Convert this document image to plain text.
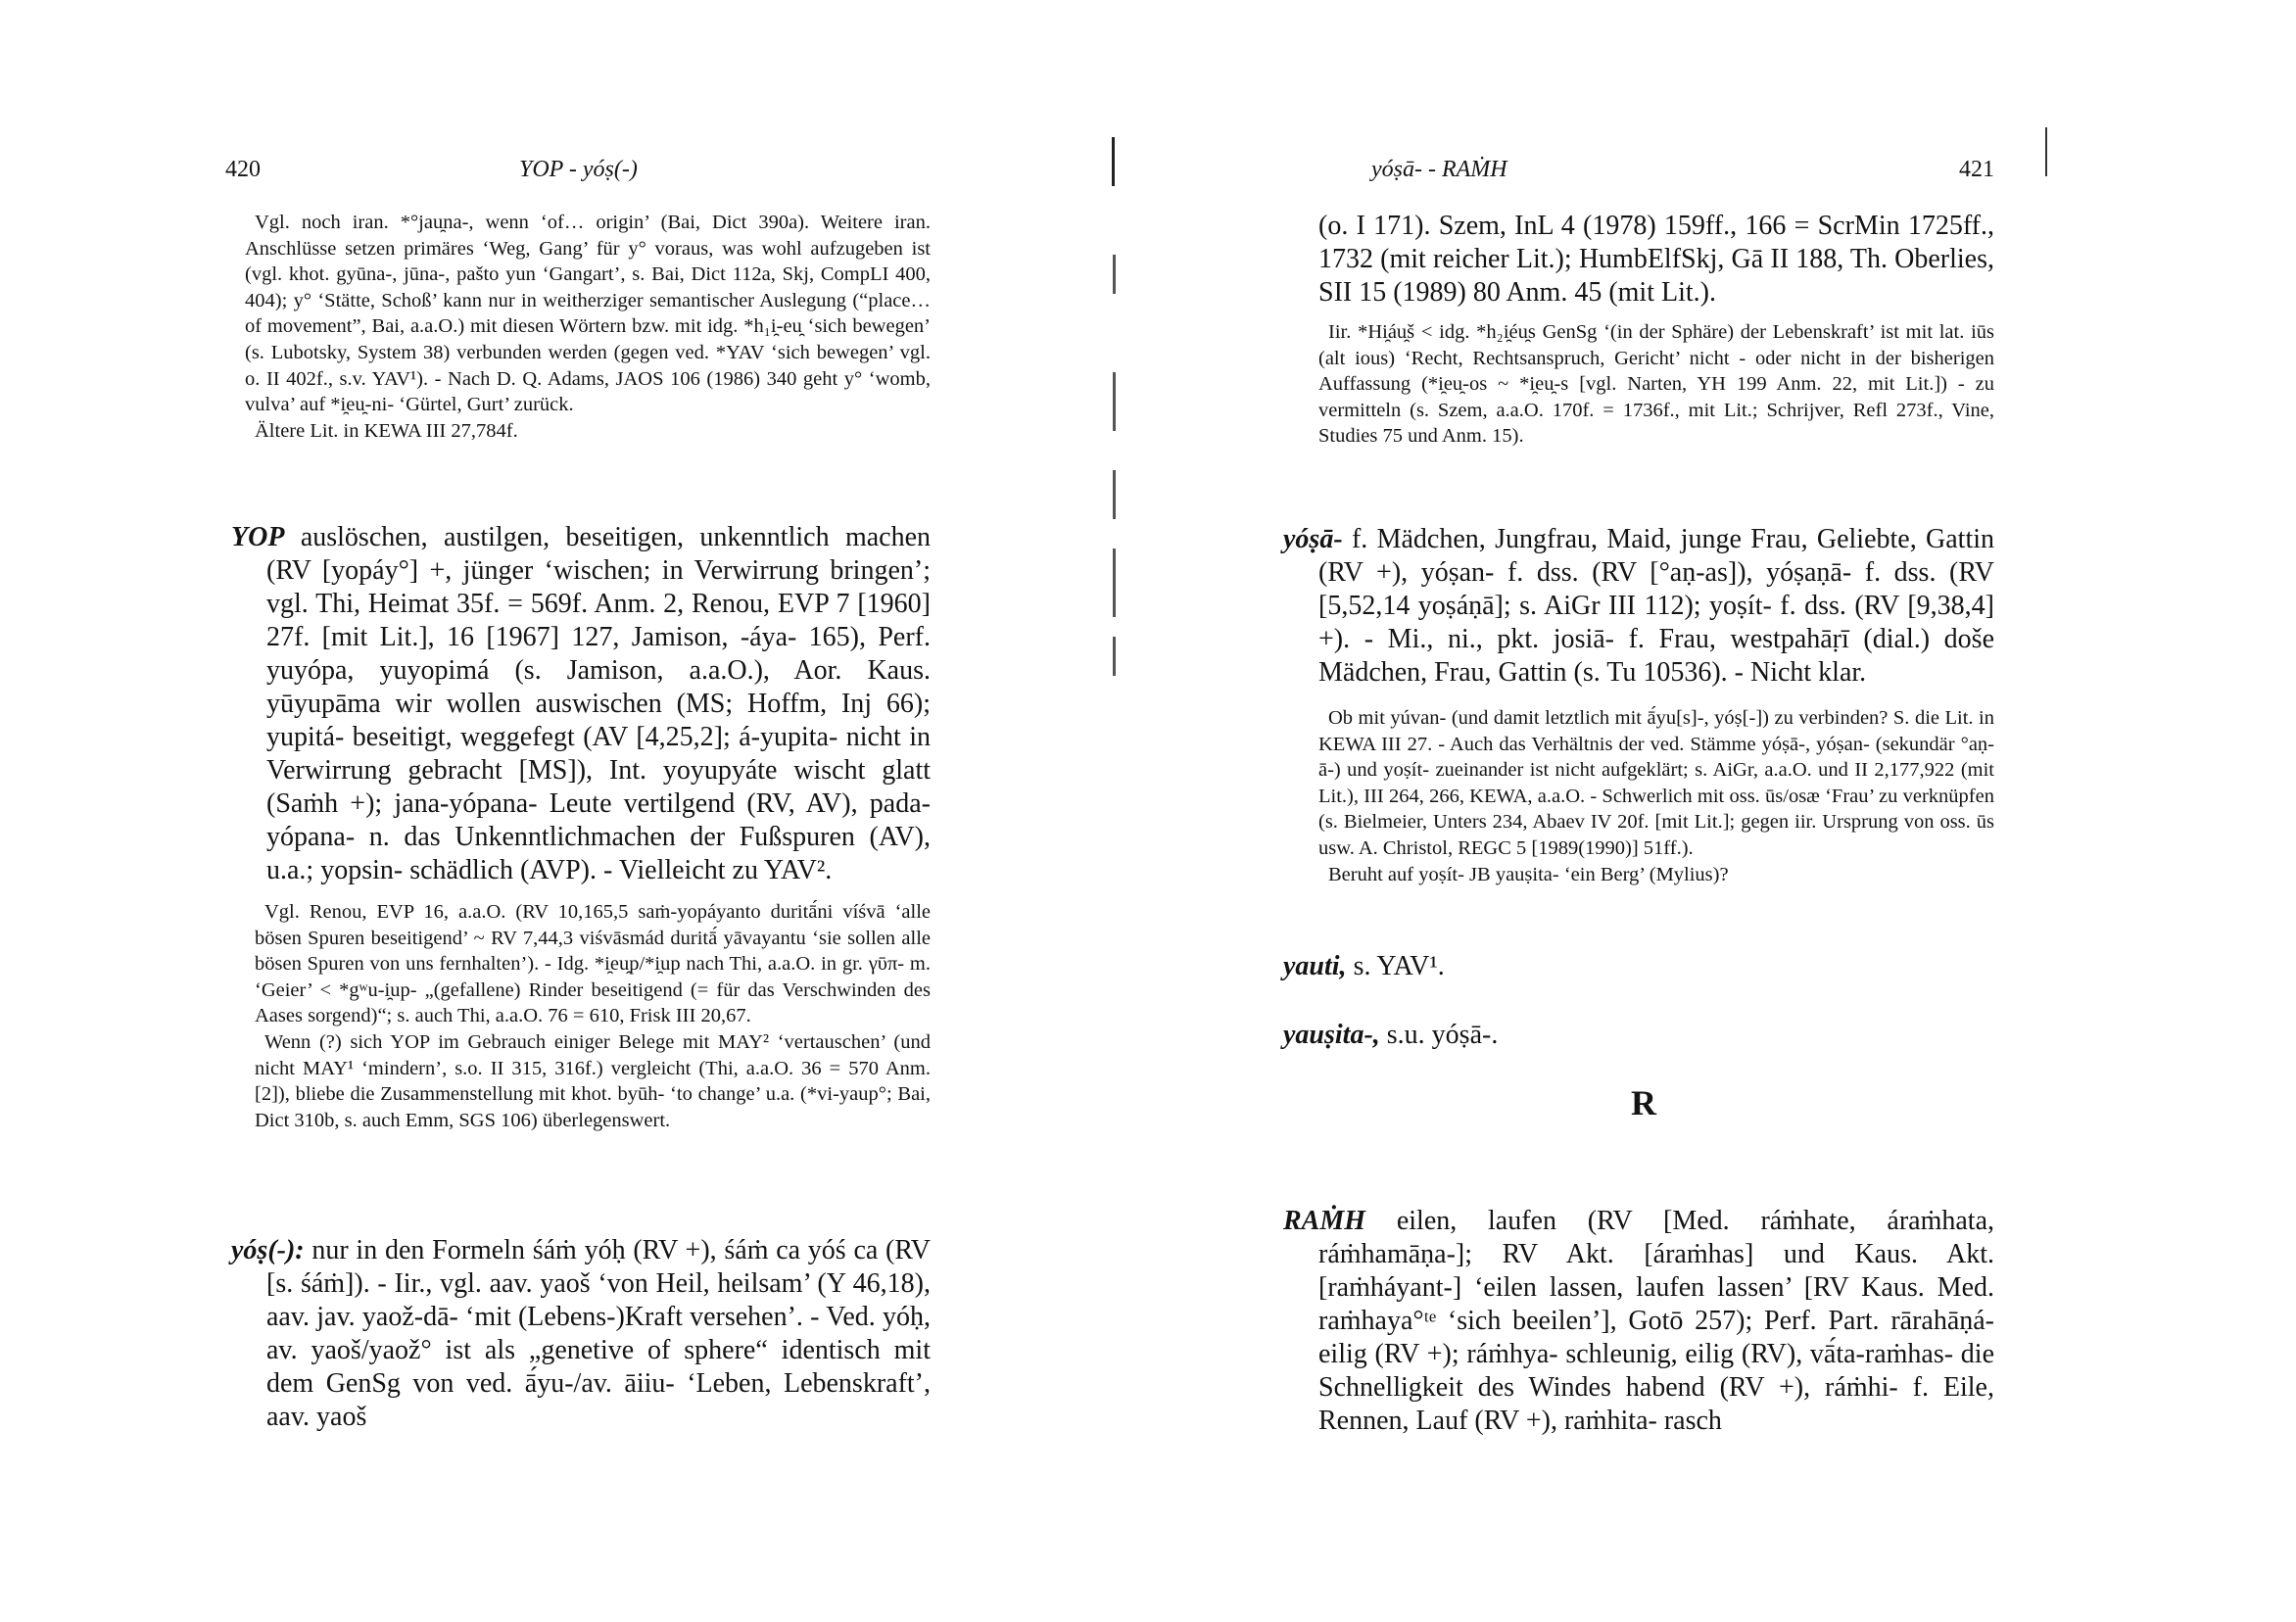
420	YOP - yóṣ(-)

Vgl. noch iran. *°jau̯na-, wenn ‘of… origin’ (Bai, Dict 390a). Weitere iran. Anschlüsse setzen primäres ‘Weg, Gang’ für y° voraus, was wohl aufzugeben ist (vgl. khot. gyūna-, jūna-, pašto yun ‘Gangart’, s. Bai, Dict 112a, Skj, CompLI 400, 404); y° ‘Stätte, Schoß’ kann nur in weitherziger semantischer Auslegung (“place… of movement”, Bai, a.a.O.) mit diesen Wörtern bzw. mit idg. *h₁i̯-eu̯ ‘sich bewegen’ (s. Lubotsky, System 38) verbunden werden (gegen ved. *YAV ‘sich bewegen’ vgl. o. II 402f., s.v. YAV¹). - Nach D. Q. Adams, JAOS 106 (1986) 340 geht y° ‘womb, vulva’ auf *i̯eu̯-ni- ‘Gürtel, Gurt’ zurück.

Ältere Lit. in KEWA III 27,784f.

YOP auslöschen, austilgen, beseitigen, unkenntlich machen (RV [yopáy°] +, jünger ‘wischen; in Verwirrung bringen’; vgl. Thi, Heimat 35f. = 569f. Anm. 2, Renou, EVP 7 [1960] 27f. [mit Lit.], 16 [1967] 127, Jamison, -áya- 165), Perf. yuyópa, yuyopimá (s. Jamison, a.a.O.), Aor. Kaus. yūyupāma wir wollen auswischen (MS; Hoffm, Inj 66); yupitá- beseitigt, weggefegt (AV [4,25,2]; á-yupita- nicht in Verwirrung gebracht [MS]), Int. yoyupyáte wischt glatt (Saṁh +); jana-yópana- Leute vertilgend (RV, AV), pada-yópana- n. das Unkenntlichmachen der Fußspuren (AV), u.a.; yopsin- schädlich (AVP). - Vielleicht zu YAV².

Vgl. Renou, EVP 16, a.a.O. (RV 10,165,5 saṁ-yopáyanto duritā́ni víśvā ‘alle bösen Spuren beseitigend’ ~ RV 7,44,3 viśvāsmád duritā́ yāvayantu ‘sie sollen alle bösen Spuren von uns fernhalten’). - Idg. *i̯eu̯p/*i̯up nach Thi, a.a.O. in gr. γῡπ- m. ‘Geier’ < *gʷu-i̯up- „(gefallene) Rinder beseitigend (= für das Verschwinden des Aases sorgend)“; s. auch Thi, a.a.O. 76 = 610, Frisk III 20,67.

Wenn (?) sich YOP im Gebrauch einiger Belege mit MAY² ‘vertauschen’ (und nicht MAY¹ ‘mindern’, s.o. II 315, 316f.) vergleicht (Thi, a.a.O. 36 = 570 Anm. [2]), bliebe die Zusammenstellung mit khot. byūh- ‘to change’ u.a. (*vi-yaup°; Bai, Dict 310b, s. auch Emm, SGS 106) überlegenswert.

yóṣ(-): nur in den Formeln śáṁ yóḥ (RV +), śáṁ ca yóś ca (RV [s. śáṁ]). - Iir., vgl. aav. yaoš ‘von Heil, heilsam’ (Y 46,18), aav. jav. yaož-dā- ‘mit (Lebens-)Kraft versehen’. - Ved. yóḥ, av. yaoš/yaož° ist als „genetive of sphere“ identisch mit dem GenSg von ved. ā́yu-/av. āiiu- ‘Leben, Lebenskraft’, aav. yaoš

yóṣā- - RAṀH	421

(o. I 171). Szem, InL 4 (1978) 159ff., 166 = ScrMin 1725ff., 1732 (mit reicher Lit.); HumbElfSkj, Gā II 188, Th. Oberlies, SII 15 (1989) 80 Anm. 45 (mit Lit.).

Iir. *Hi̯áu̯š < idg. *h₂i̯éu̯s GenSg ‘(in der Sphäre) der Lebenskraft’ ist mit lat. iūs (alt ious) ‘Recht, Rechtsanspruch, Gericht’ nicht - oder nicht in der bisherigen Auffassung (*i̯eu̯-os ~ *i̯eu̯-s [vgl. Narten, YH 199 Anm. 22, mit Lit.]) - zu vermitteln (s. Szem, a.a.O. 170f. = 1736f., mit Lit.; Schrijver, Refl 273f., Vine, Studies 75 und Anm. 15).

yóṣā- f. Mädchen, Jungfrau, Maid, junge Frau, Geliebte, Gattin (RV +), yóṣan- f. dss. (RV [°aṇ-as]), yóṣaṇā- f. dss. (RV [5,52,14 yoṣáṇā]; s. AiGr III 112); yoṣít- f. dss. (RV [9,38,4] +). - Mi., ni., pkt. josiā- f. Frau, westpahāṛī (dial.) doše Mädchen, Frau, Gattin (s. Tu 10536). - Nicht klar.

Ob mit yúvan- (und damit letztlich mit ā́yu[s]-, yóṣ[-]) zu verbinden? S. die Lit. in KEWA III 27. - Auch das Verhältnis der ved. Stämme yóṣā-, yóṣan- (sekundär °aṇ-ā-) und yoṣít- zueinander ist nicht aufgeklärt; s. AiGr, a.a.O. und II 2,177,922 (mit Lit.), III 264, 266, KEWA, a.a.O. - Schwerlich mit oss. ūs/osæ ‘Frau’ zu verknüpfen (s. Bielmeier, Unters 234, Abaev IV 20f. [mit Lit.]; gegen iir. Ursprung von oss. ūs usw. A. Christol, REGC 5 [1989(1990)] 51ff.).

Beruht auf yoṣít- JB yauṣita- ‘ein Berg’ (Mylius)?

yauti, s. YAV¹.

yauṣita-, s.u. yóṣā-.

R

RAṀH eilen, laufen (RV [Med. ráṁhate, áraṁhata, ráṁhamāṇa-]; RV Akt. [áraṁhas] und Kaus. Akt. [raṁháyant-] ‘eilen lassen, laufen lassen’ [RV Kaus. Med. raṁhaya°ᵗᵉ ‘sich beeilen’], Gotō 257); Perf. Part. rārahāṇá- eilig (RV +); ráṁhya- schleunig, eilig (RV), vā́ta-raṁhas- die Schnelligkeit des Windes habend (RV +), ráṁhi- f. Eile, Rennen, Lauf (RV +), raṁhita- rasch
